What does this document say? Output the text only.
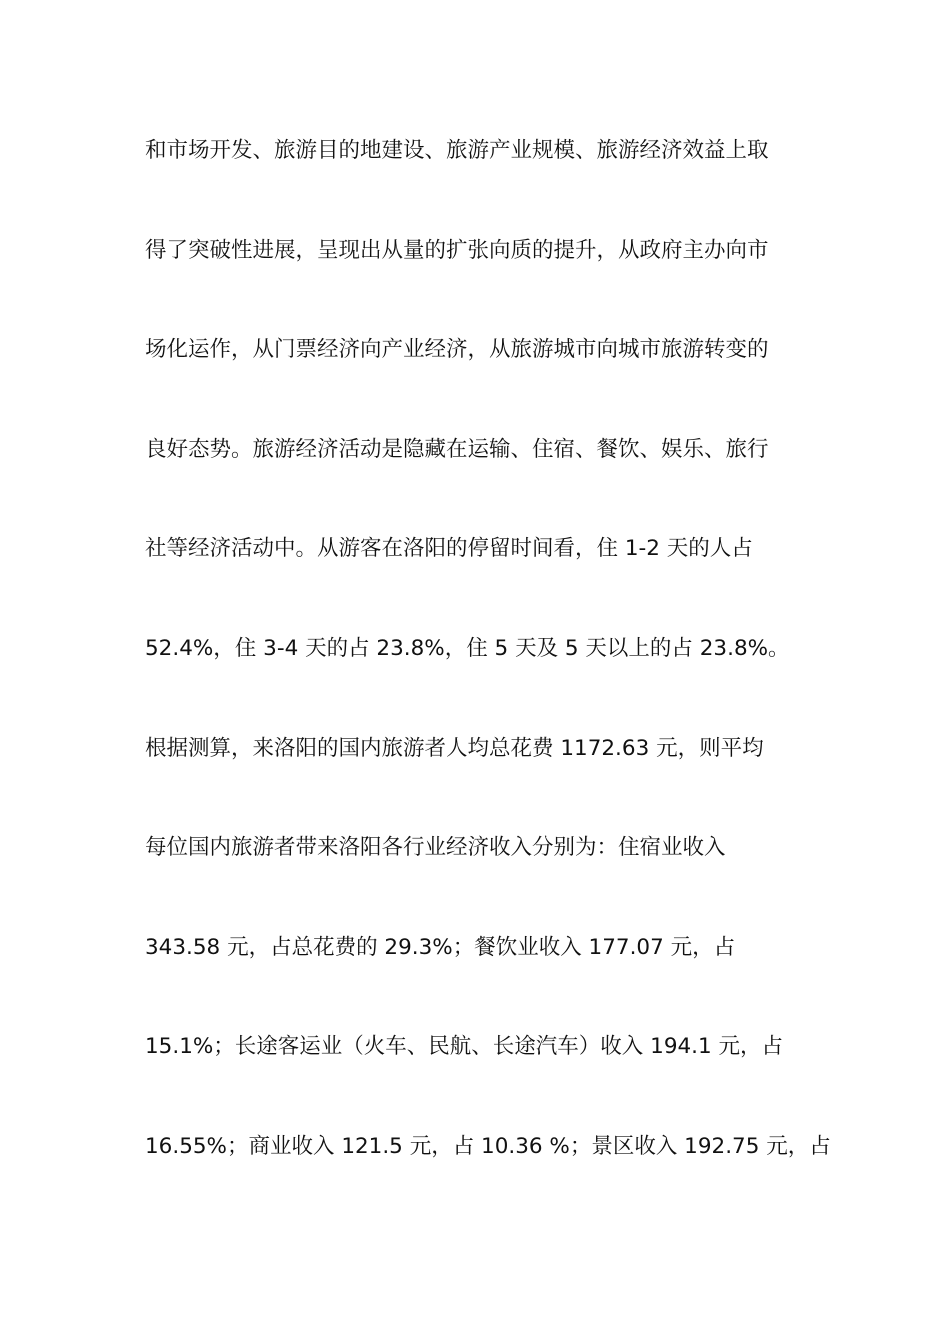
和市场开发、旅游目的地建设、旅游产业规模、旅游经济效益上取
得了突破性进展，呈现出从量的扩张向质的提升，从政府主办向市
场化运作，从门票经济向产业经济，从旅游城市向城市旅游转变的
良好态势。旅游经济活动是隐藏在运输、住宿、餐饮、娱乐、旅行
社等经济活动中。从游客在洛阳的停留时间看，住 1-2 天的人占
52.4%，住 3-4 天的占 23.8%，住 5 天及 5 天以上的占 23.8%。
根据测算，来洛阳的国内旅游者人均总花费 1172.63 元，则平均
每位国内旅游者带来洛阳各行业经济收入分别为：住宿业收入
343.58 元，占总花费的 29.3%；餐饮业收入 177.07 元，占
15.1%；长途客运业（火车、民航、长途汽车）收入 194.1 元，占
16.55%；商业收入 121.5 元，占 10.36 %；景区收入 192.75 元，占
